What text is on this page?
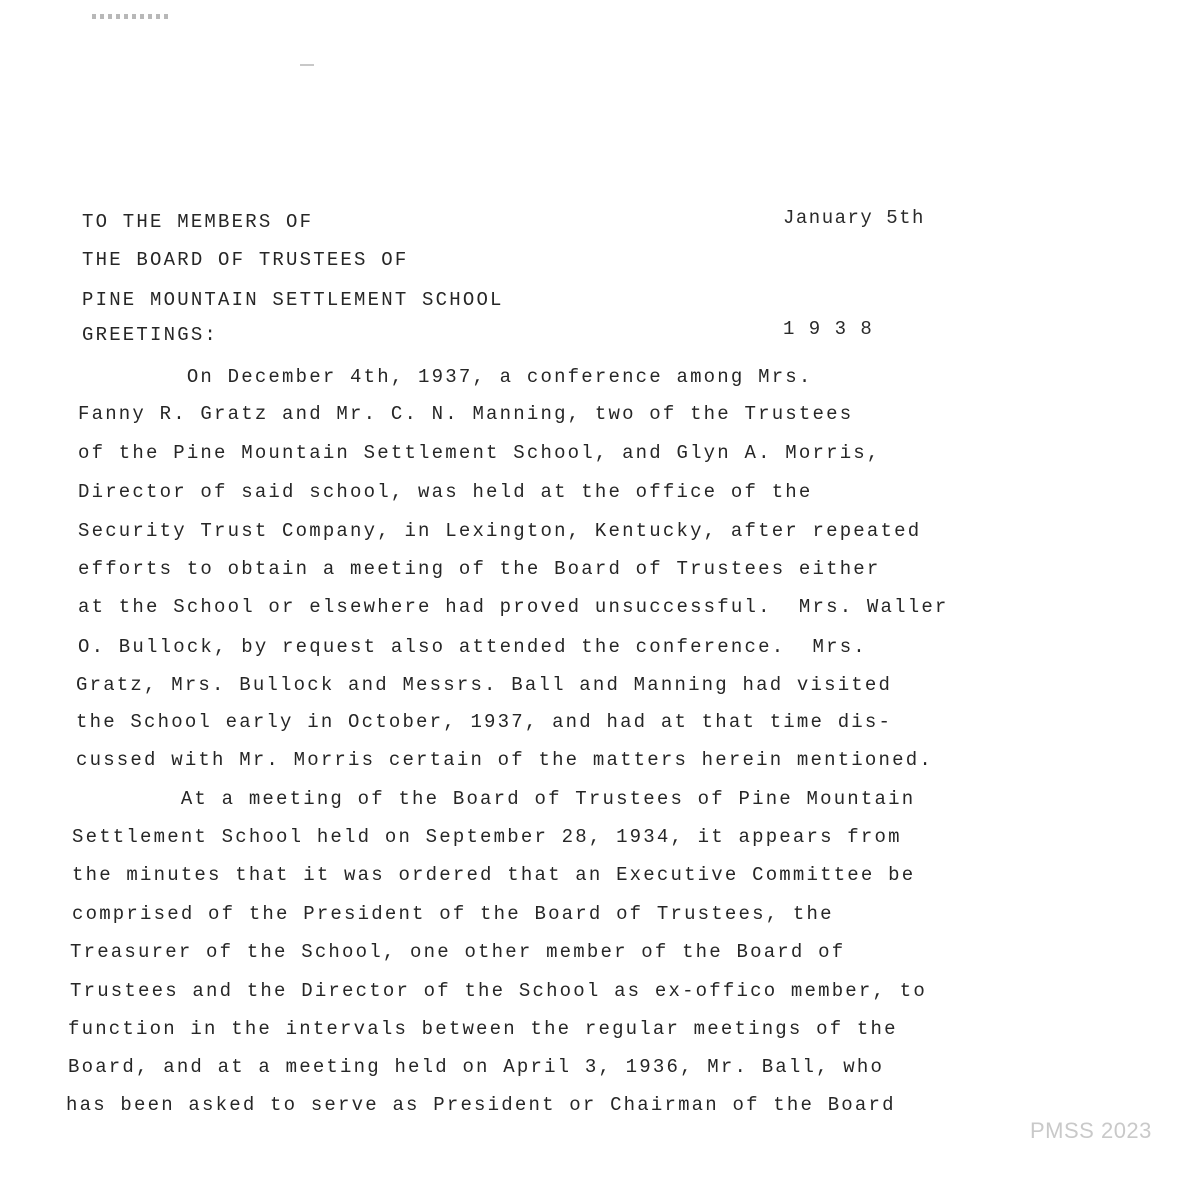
January 5th

1 9 3 8

TO THE MEMBERS OF
THE BOARD OF TRUSTEES OF
PINE MOUNTAIN SETTLEMENT SCHOOL
GREETINGS:
On December 4th, 1937, a conference among Mrs.
Fanny R. Gratz and Mr. C. N. Manning, two of the Trustees
of the Pine Mountain Settlement School, and Glyn A. Morris,
Director of said school, was held at the office of the
Security Trust Company, in Lexington, Kentucky, after repeated
efforts to obtain a meeting of the Board of Trustees either
at the School or elsewhere had proved unsuccessful.  Mrs. Waller
O. Bullock, by request also attended the conference.  Mrs.
Gratz, Mrs. Bullock and Messrs. Ball and Manning had visited
the School early in October, 1937, and had at that time dis-
cussed with Mr. Morris certain of the matters herein mentioned.
At a meeting of the Board of Trustees of Pine Mountain
Settlement School held on September 28, 1934, it appears from
the minutes that it was ordered that an Executive Committee be
comprised of the President of the Board of Trustees, the
Treasurer of the School, one other member of the Board of
Trustees and the Director of the School as ex-offico member, to
function in the intervals between the regular meetings of the
Board, and at a meeting held on April 3, 1936, Mr. Ball, who
has been asked to serve as President or Chairman of the Board
PMSS 2023
